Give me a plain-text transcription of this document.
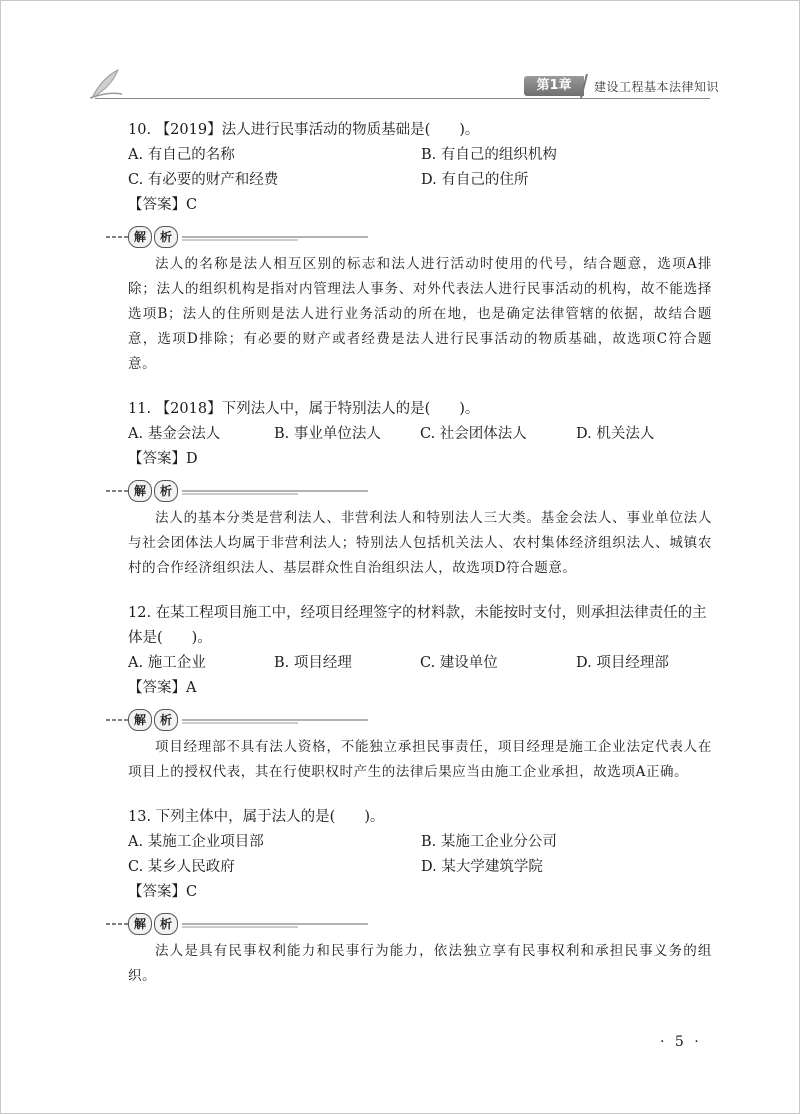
第1章	建设工程基本法律知识

10. 【2019】法人进行民事活动的物质基础是(　　)。

A. 有自己的名称	B. 有自己的组织机构
C. 有必要的财产和经费	D. 有自己的住所

【答案】C

解	析

法人的名称是法人相互区别的标志和法人进行活动时使用的代号，结合题意，选项A排除；法人的组织机构是指对内管理法人事务、对外代表法人进行民事活动的机构，故不能选择选项B；法人的住所则是法人进行业务活动的所在地，也是确定法律管辖的依据，故结合题意，选项D排除；有必要的财产或者经费是法人进行民事活动的物质基础，故选项C符合题意。

11. 【2018】下列法人中，属于特别法人的是(　　)。

A. 基金会法人	B. 事业单位法人	C. 社会团体法人	D. 机关法人

【答案】D

解	析

法人的基本分类是营利法人、非营利法人和特别法人三大类。基金会法人、事业单位法人与社会团体法人均属于非营利法人；特别法人包括机关法人、农村集体经济组织法人、城镇农村的合作经济组织法人、基层群众性自治组织法人，故选项D符合题意。

12. 在某工程项目施工中，经项目经理签字的材料款，未能按时支付，则承担法律责任的主体是(　　)。

A. 施工企业	B. 项目经理	C. 建设单位	D. 项目经理部

【答案】A

解	析

项目经理部不具有法人资格，不能独立承担民事责任，项目经理是施工企业法定代表人在项目上的授权代表，其在行使职权时产生的法律后果应当由施工企业承担，故选项A正确。

13. 下列主体中，属于法人的是(　　)。

A. 某施工企业项目部	B. 某施工企业分公司
C. 某乡人民政府	D. 某大学建筑学院

【答案】C

解	析

法人是具有民事权利能力和民事行为能力，依法独立享有民事权利和承担民事义务的组织。

· 5 ·
